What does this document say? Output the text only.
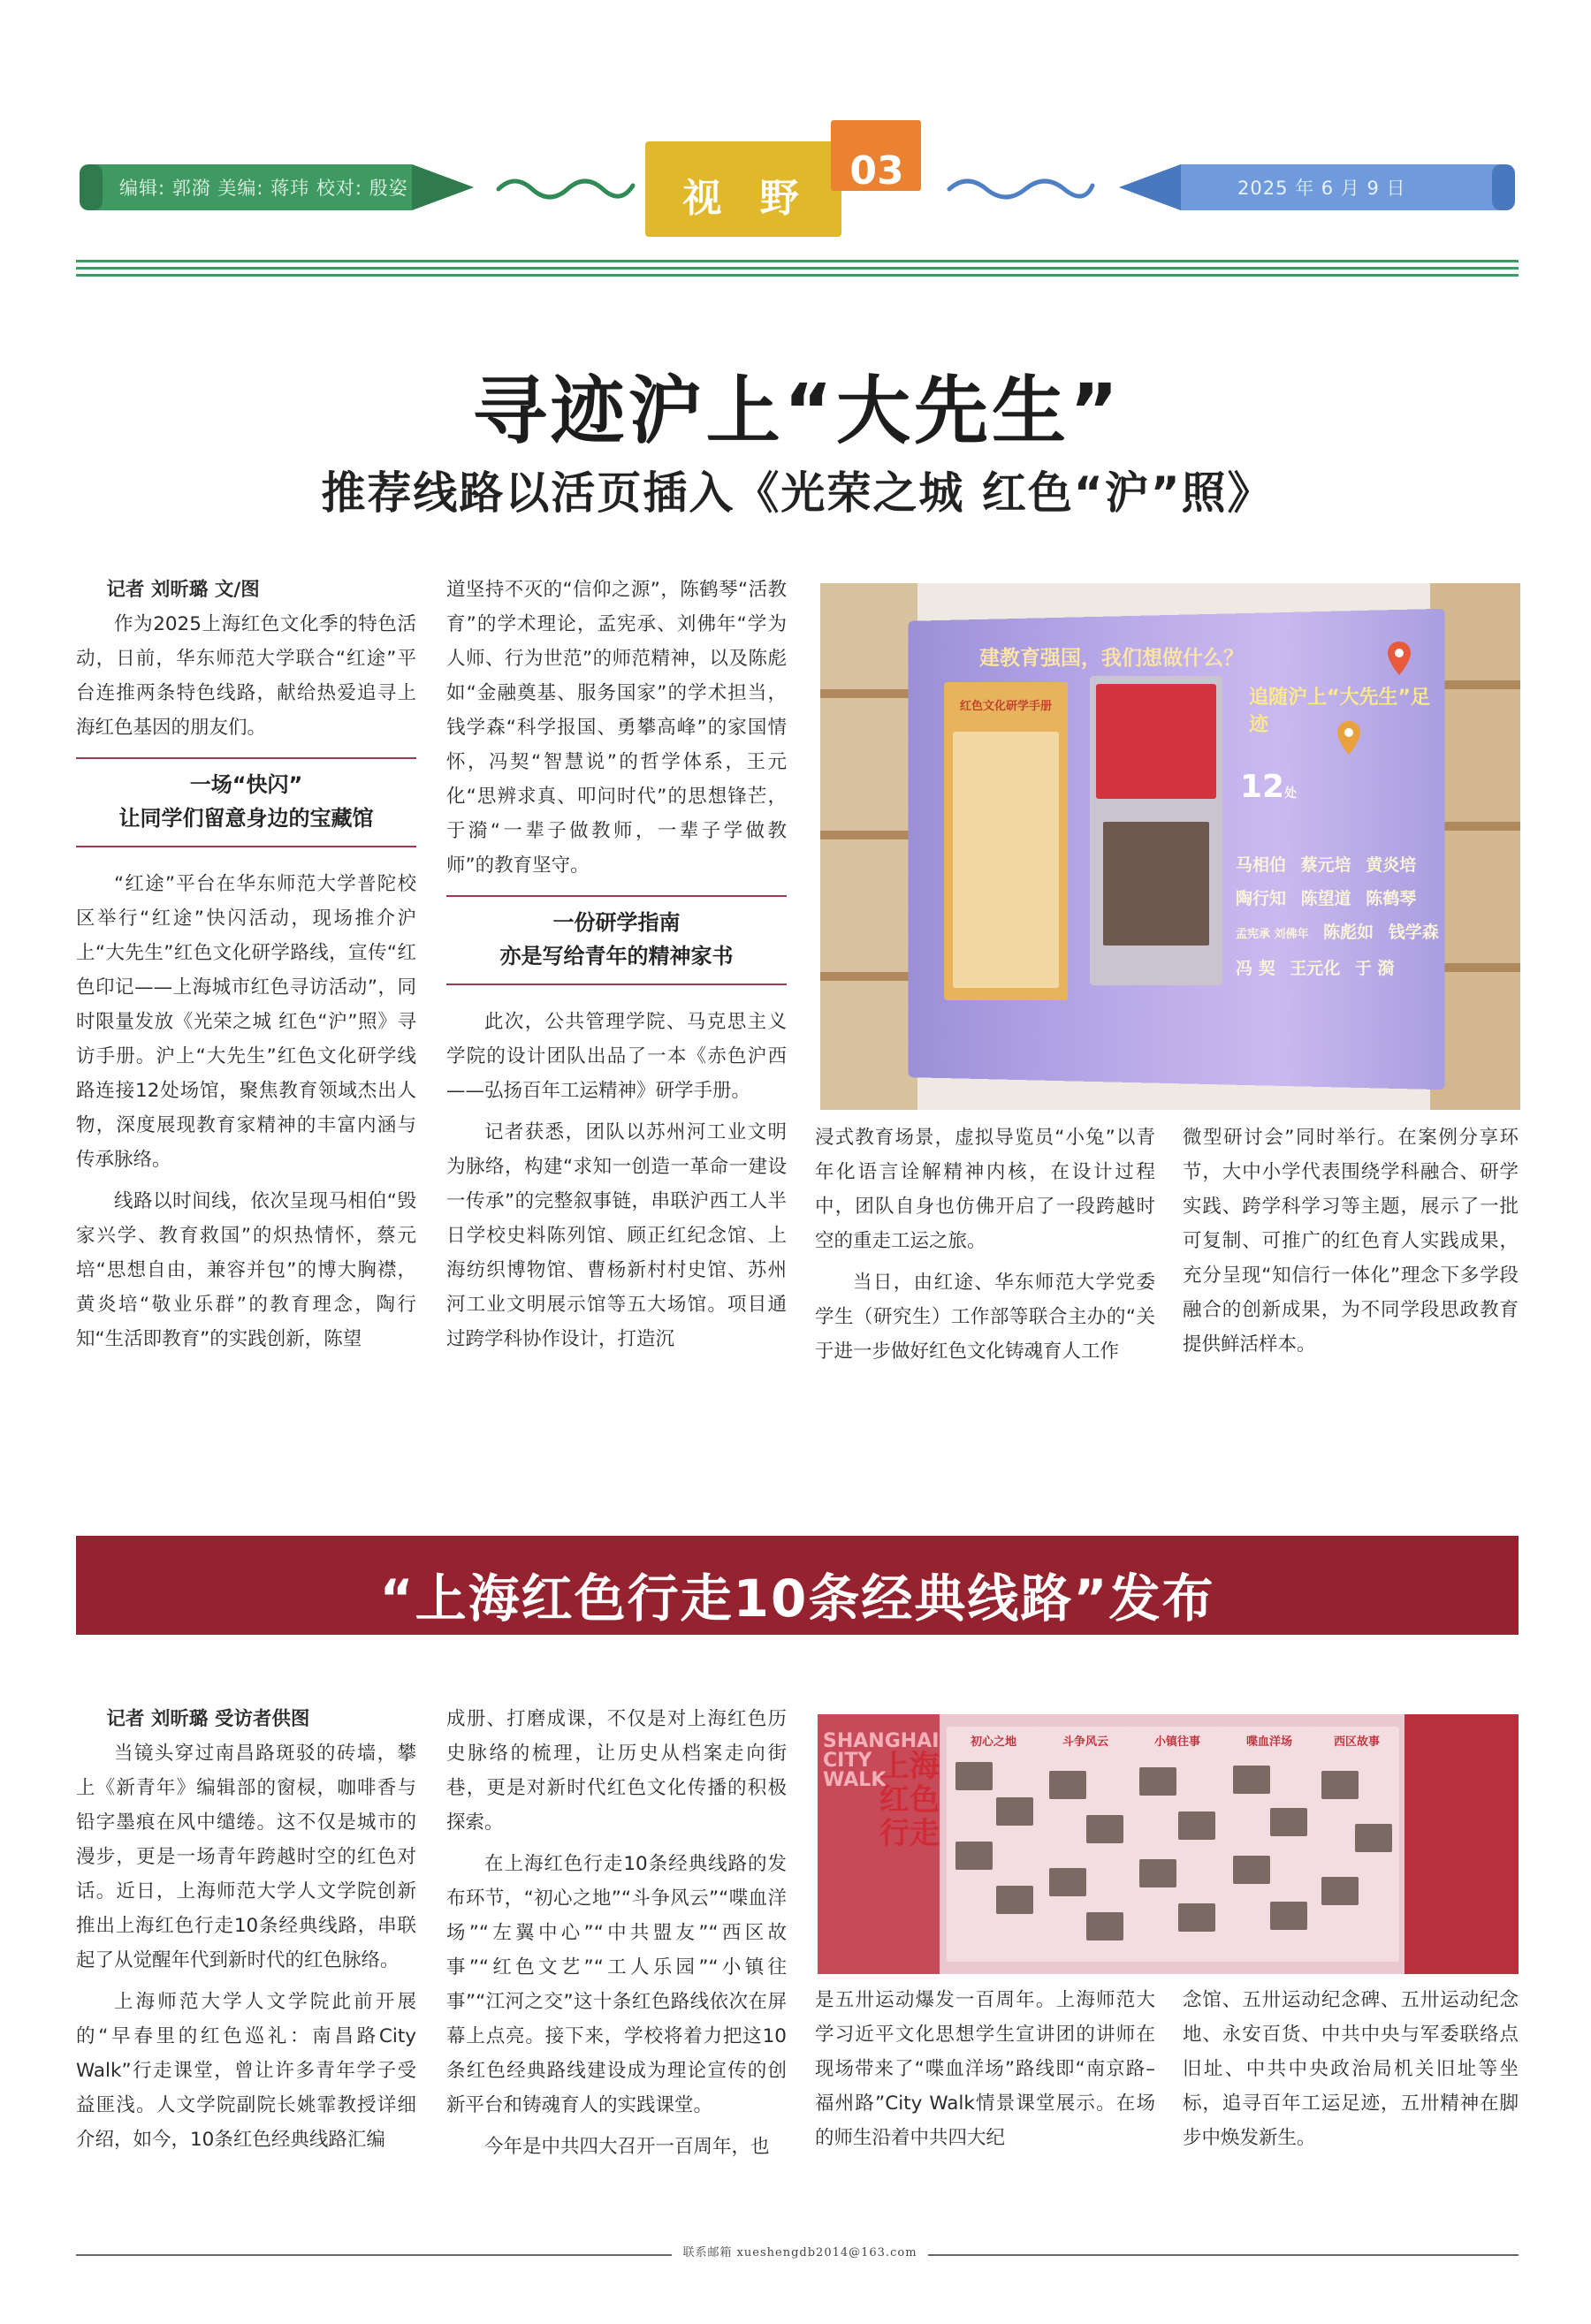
编辑: 郭漪 美编: 蒋玮 校对: 殷姿	视 野
03	2025 年 6 月 9 日
寻迹沪上“大先生”
推荐线路以活页插入《光荣之城 红色“沪”照》

记者 刘昕璐 文/图

作为2025上海红色文化季的特色活动，日前，华东师范大学联合“红途”平台连推两条特色线路，献给热爱追寻上海红色基因的朋友们。

一场“快闪”
让同学们留意身边的宝藏馆

“红途”平台在华东师范大学普陀校区举行“红途”快闪活动，现场推介沪上“大先生”红色文化研学路线，宣传“红色印记——上海城市红色寻访活动”，同时限量发放《光荣之城 红色“沪”照》寻访手册。沪上“大先生”红色文化研学线路连接12处场馆，聚焦教育领域杰出人物，深度展现教育家精神的丰富内涵与传承脉络。

线路以时间线，依次呈现马相伯“毁家兴学、教育救国”的炽热情怀，蔡元培“思想自由，兼容并包”的博大胸襟，黄炎培“敬业乐群”的教育理念，陶行知“生活即教育”的实践创新，陈望

道坚持不灭的“信仰之源”，陈鹤琴“活教育”的学术理论，孟宪承、刘佛年“学为人师、行为世范”的师范精神，以及陈彪如“金融奠基、服务国家”的学术担当，钱学森“科学报国、勇攀高峰”的家国情怀，冯契“智慧说”的哲学体系，王元化“思辨求真、叩问时代”的思想锋芒，于漪“一辈子做教师，一辈子学做教师”的教育坚守。

一份研学指南
亦是写给青年的精神家书

此次，公共管理学院、马克思主义学院的设计团队出品了一本《赤色沪西——弘扬百年工运精神》研学手册。

记者获悉，团队以苏州河工业文明为脉络，构建“求知一创造一革命一建设一传承”的完整叙事链，串联沪西工人半日学校史料陈列馆、顾正红纪念馆、上海纺织博物馆、曹杨新村村史馆、苏州河工业文明展示馆等五大场馆。项目通过跨学科协作设计，打造沉

建教育强国，我们想做什么？
红色文化研学手册	追随沪上“大先生”足迹
12处
马相伯 蔡元培 黄炎培 陶行知 陈望道 陈鹤琴 孟宪承 刘佛年 陈彪如 钱学森 冯 契 王元化 于 漪

浸式教育场景，虚拟导览员“小兔”以青年化语言诠解精神内核，在设计过程中，团队自身也仿佛开启了一段跨越时空的重走工运之旅。

当日，由红途、华东师范大学党委学生（研究生）工作部等联合主办的“关于进一步做好红色文化铸魂育人工作

微型研讨会”同时举行。在案例分享环节，大中小学代表围绕学科融合、研学实践、跨学科学习等主题，展示了一批可复制、可推广的红色育人实践成果，充分呈现“知信行一体化”理念下多学段融合的创新成果，为不同学段思政教育提供鲜活样本。

“上海红色行走10条经典线路”发布

记者 刘昕璐 受访者供图

当镜头穿过南昌路斑驳的砖墙，攀上《新青年》编辑部的窗棂，咖啡香与铅字墨痕在风中缱绻。这不仅是城市的漫步，更是一场青年跨越时空的红色对话。近日，上海师范大学人文学院创新推出上海红色行走10条经典线路，串联起了从觉醒年代到新时代的红色脉络。

上海师范大学人文学院此前开展的“早春里的红色巡礼：南昌路City Walk”行走课堂，曾让许多青年学子受益匪浅。人文学院副院长姚霏教授详细介绍，如今，10条红色经典线路汇编

成册、打磨成课，不仅是对上海红色历史脉络的梳理，让历史从档案走向街巷，更是对新时代红色文化传播的积极探索。

在上海红色行走10条经典线路的发布环节，“初心之地”“斗争风云”“喋血洋场”“左翼中心”“中共盟友”“西区故事”“红色文艺”“工人乐园”“小镇往事”“江河之交”这十条红色路线依次在屏幕上点亮。接下来，学校将着力把这10条红色经典路线建设成为理论宣传的创新平台和铸魂育人的实践课堂。

今年是中共四大召开一百周年，也

SHANGHAI CITY WALK
上海红色行走
初心之地	斗争风云	小镇往事	喋血洋场	西区故事

是五卅运动爆发一百周年。上海师范大学习近平文化思想学生宣讲团的讲师在现场带来了“喋血洋场”路线即“南京路–福州路”City Walk情景课堂展示。在场的师生沿着中共四大纪

念馆、五卅运动纪念碑、五卅运动纪念地、永安百货、中共中央与军委联络点旧址、中共中央政治局机关旧址等坐标，追寻百年工运足迹，五卅精神在脚步中焕发新生。

联系邮箱 xueshengdb2014@163.com
